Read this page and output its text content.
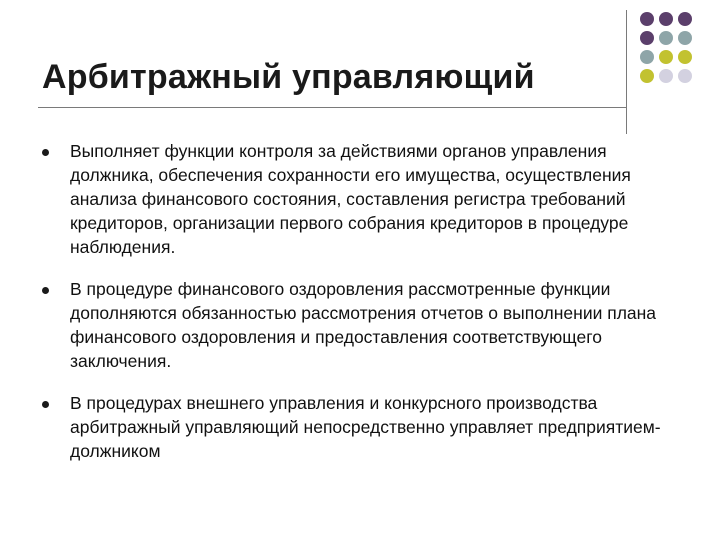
Арбитражный управляющий
Выполняет функции контроля за действиями органов управления должника, обеспечения сохранности его имущества, осуществления анализа финансового состояния, составления регистра требований кредиторов, организации первого собрания кредиторов в процедуре наблюдения.
В процедуре финансового оздоровления рассмотренные функции дополняются обязанностью рассмотрения отчетов о выполнении плана финансового оздоровления и предоставления соответствующего заключения.
В процедурах внешнего управления и конкурсного производства арбитражный управляющий непосредственно управляет предприятием-должником
